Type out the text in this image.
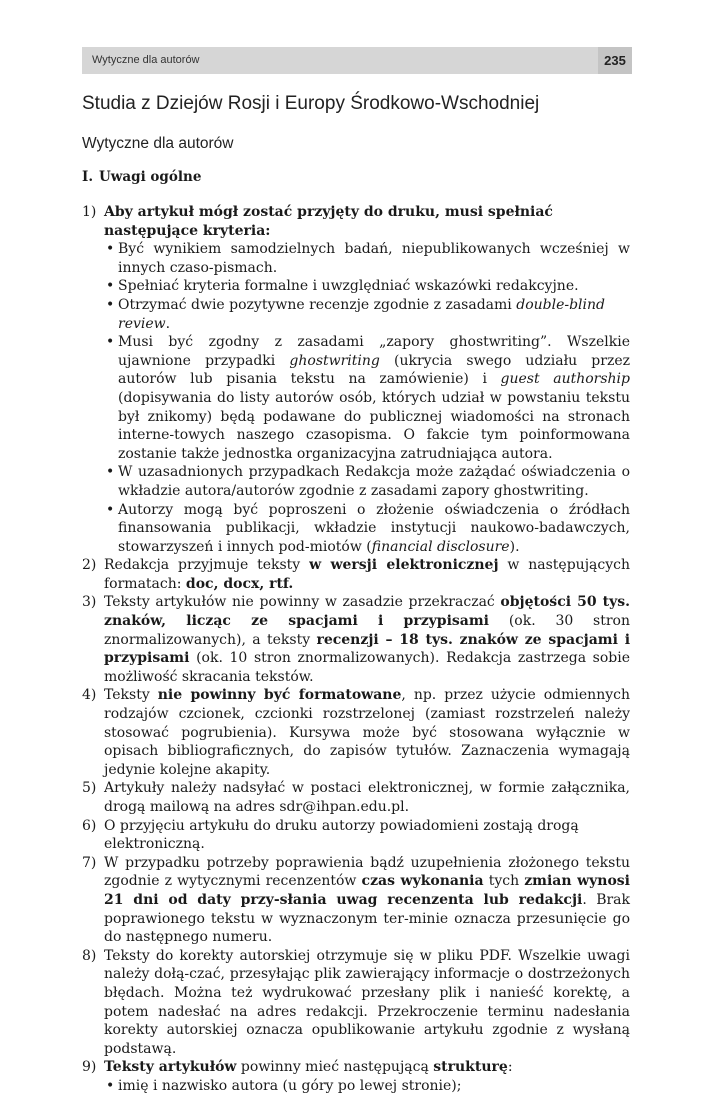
Wytyczne dla autorów	235
Studia z Dziejów Rosji i Europy Środkowo-Wschodniej
Wytyczne dla autorów
I. Uwagi ogólne
1) Aby artykuł mógł zostać przyjęty do druku, musi spełniać następujące kryteria:
• Być wynikiem samodzielnych badań, niepublikowanych wcześniej w innych czaso-pismach.
• Spełniać kryteria formalne i uwzględniać wskazówki redakcyjne.
• Otrzymać dwie pozytywne recenzje zgodnie z zasadami double-blind review.
• Musi być zgodny z zasadami „zapory ghostwriting”. Wszelkie ujawnione przypadki ghostwriting (ukrycia swego udziału przez autorów lub pisania tekstu na zamówienie) i guest authorship (dopisywania do listy autorów osób, których udział w powstaniu tekstu był znikomy) będą podawane do publicznej wiadomości na stronach interne-towych naszego czasopisma. O fakcie tym poinformowana zostanie także jednostka organizacyjna zatrudniająca autora.
• W uzasadnionych przypadkach Redakcja może zażądać oświadczenia o wkładzie autora/autorów zgodnie z zasadami zapory ghostwriting.
• Autorzy mogą być poproszeni o złożenie oświadczenia o źródłach finansowania publikacji, wkładzie instytucji naukowo-badawczych, stowarzyszeń i innych pod-miotów (financial disclosure).
2) Redakcja przyjmuje teksty w wersji elektronicznej w następujących formatach: doc, docx, rtf.
3) Teksty artykułów nie powinny w zasadzie przekraczać objętości 50 tys. znaków, licząc ze spacjami i przypisami (ok. 30 stron znormalizowanych), a teksty recenzji – 18 tys. znaków ze spacjami i przypisami (ok. 10 stron znormalizowanych). Redakcja zastrzega sobie możliwość skracania tekstów.
4) Teksty nie powinny być formatowane, np. przez użycie odmiennych rodzajów czcionek, czcionki rozstrzelonej (zamiast rozstrzeleń należy stosować pogrubienia). Kursywa może być stosowana wyłącznie w opisach bibliograficznych, do zapisów tytułów. Zaznaczenia wymagają jedynie kolejne akapity.
5) Artykuły należy nadsyłać w postaci elektronicznej, w formie załącznika, drogą mailową na adres sdr@ihpan.edu.pl.
6) O przyjęciu artykułu do druku autorzy powiadomieni zostają drogą elektroniczną.
7) W przypadku potrzeby poprawienia bądź uzupełnienia złożonego tekstu zgodnie z wytycznymi recenzentów czas wykonania tych zmian wynosi 21 dni od daty przy-słania uwag recenzenta lub redakcji. Brak poprawionego tekstu w wyznaczonym ter-minie oznacza przesunięcie go do następnego numeru.
8) Teksty do korekty autorskiej otrzymuje się w pliku PDF. Wszelkie uwagi należy dołą-czać, przesyłając plik zawierający informacje o dostrzeżonych błędach. Można też wydrukować przesłany plik i nanieść korektę, a potem nadesłać na adres redakcji. Przekroczenie terminu nadesłania korekty autorskiej oznacza opublikowanie artykułu zgodnie z wysłaną podstawą.
9) Teksty artykułów powinny mieć następującą strukturę:
• imię i nazwisko autora (u góry po lewej stronie);
